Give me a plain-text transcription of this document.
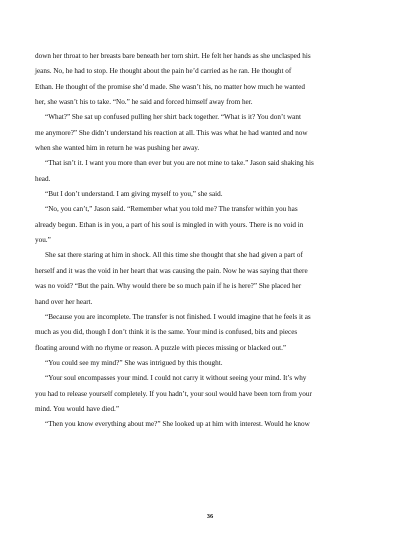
down her throat to her breasts bare beneath her torn shirt. He felt her hands as she unclasped his
jeans. No, he had to stop. He thought about the pain he’d carried as he ran. He thought of
Ethan. He thought of the promise she’d made. She wasn’t his, no matter how much he wanted
her, she wasn’t his to take. “No.” he said and forced himself away from her.

“What?” She sat up confused pulling her shirt back together. “What is it? You don’t want

me anymore?” She didn’t understand his reaction at all. This was what he had wanted and now
when she wanted him in return he was pushing her away.

“That isn’t it. I want you more than ever but you are not mine to take.” Jason said shaking his

head.

“But I don’t understand. I am giving myself to you,” she said.

“No, you can’t,” Jason said. “Remember what you told me? The transfer within you has

already begun. Ethan is in you, a part of his soul is mingled in with yours. There is no void in
you.”

She sat there staring at him in shock. All this time she thought that she had given a part of

herself and it was the void in her heart that was causing the pain. Now he was saying that there
was no void? “But the pain. Why would there be so much pain if he is here?” She placed her
hand over her heart.

“Because you are incomplete. The transfer is not finished. I would imagine that he feels it as

much as you did, though I don’t think it is the same. Your mind is confused, bits and pieces
floating around with no rhyme or reason. A puzzle with pieces missing or blacked out.”

“You could see my mind?” She was intrigued by this thought.

“Your soul encompasses your mind. I could not carry it without seeing your mind. It’s why

you had to release yourself completely. If you hadn’t, your soul would have been torn from your
mind. You would have died.”

“Then you know everything about me?” She looked up at him with interest. Would he know

36
